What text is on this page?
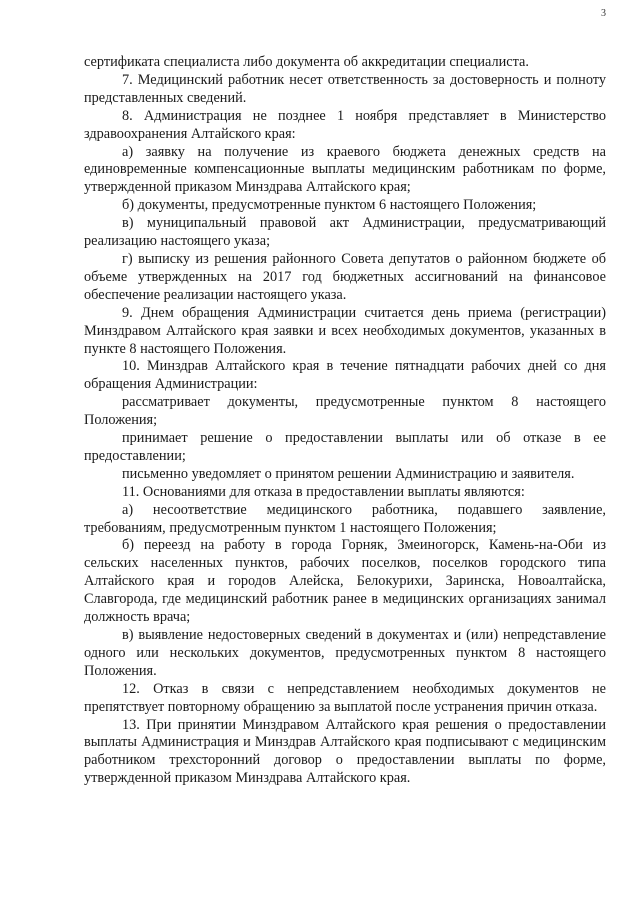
3

сертификата специалиста либо документа об аккредитации специалиста.

7. Медицинский работник несет ответственность за достоверность и полноту представленных сведений.

8. Администрация не позднее 1 ноября представляет в Министерство здравоохранения Алтайского края:

а) заявку на получение из краевого бюджета денежных средств на единовременные компенсационные выплаты медицинским работникам по форме, утвержденной приказом Минздрава Алтайского края;

б) документы, предусмотренные пунктом 6 настоящего Положения;

в) муниципальный правовой акт Администрации, предусматривающий реализацию настоящего указа;

г) выписку из решения районного Совета депутатов о районном бюджете об объеме утвержденных на 2017 год бюджетных ассигнований на финансовое обеспечение реализации настоящего указа.

9. Днем обращения Администрации считается день приема (регистрации) Минздравом Алтайского края заявки и всех необходимых документов, указанных в пункте 8 настоящего Положения.

10. Минздрав Алтайского края в течение пятнадцати рабочих дней со дня обращения Администрации:

рассматривает документы, предусмотренные пунктом 8 настоящего Положения;

принимает решение о предоставлении выплаты или об отказе в ее предоставлении;

письменно уведомляет о принятом решении Администрацию и заявителя.

11. Основаниями для отказа в предоставлении выплаты являются:

а) несоответствие медицинского работника, подавшего заявление, требованиям, предусмотренным пунктом 1 настоящего Положения;

б) переезд на работу в города Горняк, Змеиногорск, Камень-на-Оби из сельских населенных пунктов, рабочих поселков, поселков городского типа Алтайского края и городов Алейска, Белокурихи, Заринска, Новоалтайска, Славгорода, где медицинский работник ранее в медицинских организациях занимал должность врача;

в) выявление недостоверных сведений в документах и (или) непредставление одного или нескольких документов, предусмотренных пунктом 8 настоящего Положения.

12. Отказ в связи с непредставлением необходимых документов не препятствует повторному обращению за выплатой после устранения причин отказа.

13. При принятии Минздравом Алтайского края решения о предоставлении выплаты Администрация и Минздрав Алтайского края подписывают с медицинским работником трехсторонний договор о предоставлении выплаты по форме, утвержденной приказом Минздрава Алтайского края.
